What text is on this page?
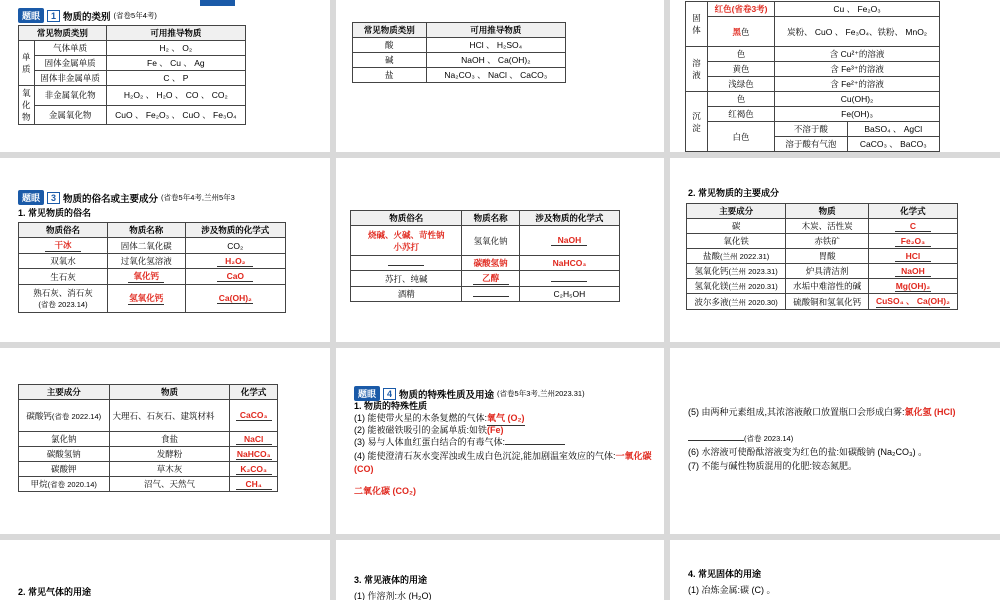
题眼	1 物质的类别 (省卷5年4考)
常见物质类别		可用推导物质
单质	气体单质	H₂ 、 O₂
	固体金属单质	Fe 、 Cu 、 Ag
	固体非金属单质	C 、 P
氧化物	非金属氧化物	H₂O₂ 、 H₂O 、 CO 、 CO₂
	金属氧化物	CuO 、 Fe₂O₃ 、 CuO 、 Fe₃O₄
常见物质类别	可用推导物质
酸	HCl 、 H₂SO₄
碱	NaOH 、 Ca(OH)₂
盐	Na₂CO₃ 、 NaCl 、 CaCO₃
固体	红色(省卷3考)	Cu 、 Fe₂O₃	
	黑色	炭粉、 CuO 、 Fe₃O₄、铁粉、 MnO₂	
溶液	色	含 Cu²⁺的溶液	
	黄色	含 Fe³⁺的溶液	
	浅绿色	含 Fe²⁺的溶液	
沉淀	色	Cu(OH)₂	
	红褐色	Fe(OH)₃	
	白色	不溶于酸	BaSO₄ 、 AgCl
		溶于酸有气泡	CaCO₃ 、 BaCO₃
题眼	3 物质的俗名或主要成分 (省卷5年4考,兰州5年3
1. 常见物质的俗名
物质俗名	物质名称	涉及物质的化学式
干冰	固体二氧化碳	CO₂
双氧水	过氧化氢溶液	H₂O₂
生石灰	氧化钙	CaO

熟石灰、消石灰
(省卷 2023.14)	氢氧化钙	Ca(OH)₂
物质俗名	物质名称	涉及物质的化学式

烧碱、火碱、苛性钠
小苏打	氢氧化钠	NaOH
	碳酸氢钠	NaHCO₃
苏打、纯碱	乙醇	
酒精		C₂H₅OH
2. 常见物质的主要成分
主要成分	物质	化学式
碳	木炭、活性炭	C
氧化铁	赤铁矿	Fe₂O₃
盐酸(兰州 2022.31)	胃酸	HCl
氢氧化钙(兰州 2023.31)	炉具清洁剂	NaOH
氢氧化镁(兰州 2020.31)	水垢中难溶性的碱	Mg(OH)₂
波尔多液(兰州 2020.30)	硫酸铜和氢氧化钙	CuSO₄ 、 Ca(OH)₂
主要成分	物质	化学式
碳酸钙(省卷 2022.14)	大理石、石灰石、建筑材料	CaCO₃
氯化钠	食盐	NaCl
碳酸氢钠	发酵粉	NaHCO₃
碳酸钾	草木灰	K₂CO₃
甲烷(省卷 2020.14)	沼气、天然气	CH₄
题眼	4 物质的特殊性质及用途 (省卷5年3考,兰州2023.31)
1. 物质的特殊性质
(1) 能使带火星的木条复燃的气体:氧气 (O₂)
(2) 能被磁铁吸引的金属单质:如铁(Fe)
(3) 易与人体血红蛋白结合的有毒气体:
(4) 能使澄清石灰水变浑浊或生成白色沉淀,能加剧温室效应的气体:一氧化碳 (CO)
二氧化碳 (CO₂)
(5) 由两种元素组成,其浓溶液敞口放置瓶口会形成白雾:氯化氢 (HCl)
(省卷 2023.14)
(6) 水溶液可使酚酞溶液变为红色的盐:如碳酸钠 (Na₂CO₃) 。
(7) 不能与碱性物质混用的化肥:铵态氮肥。
2. 常见气体的用途
3. 常见液体的用途
(1) 作溶剂:水 (H₂O)
4. 常见固体的用途
(1) 冶炼金属:碳 (C) 。
